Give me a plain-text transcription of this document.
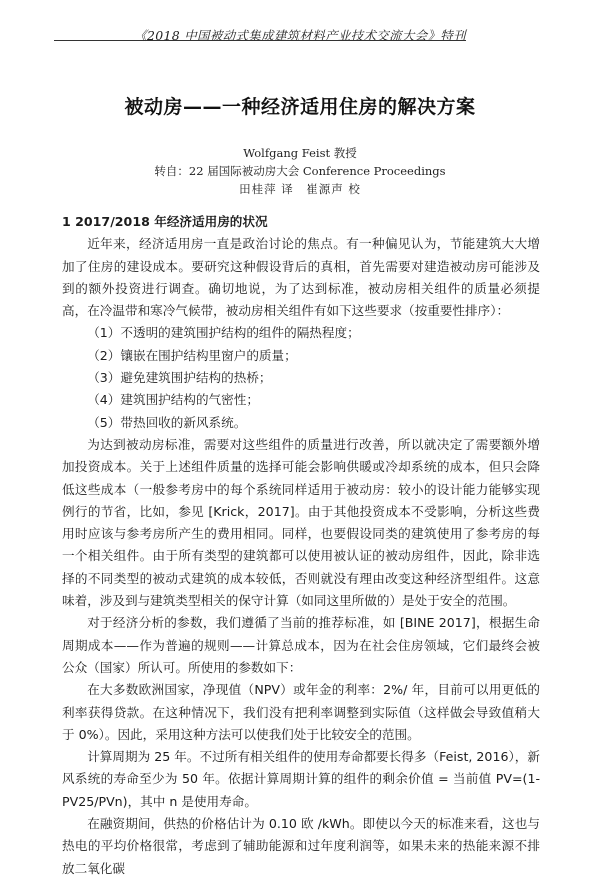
《2018 中国被动式集成建筑材料产业技术交流大会》特刊
被动房——一种经济适用住房的解决方案
Wolfgang Feist 教授
转自：22 届国际被动房大会 Conference Proceedings
田桂萍 译　崔源声 校
1 2017/2018 年经济适用房的状况

近年来，经济适用房一直是政治讨论的焦点。有一种偏见认为，节能建筑大大增加了住房的建设成本。要研究这种假设背后的真相，首先需要对建造被动房可能涉及到的额外投资进行调查。确切地说，为了达到标准，被动房相关组件的质量必须提高，在冷温带和寒冷气候带，被动房相关组件有如下这些要求（按重要性排序）：

（1）不透明的建筑围护结构的组件的隔热程度；

（2）镶嵌在围护结构里窗户的质量；

（3）避免建筑围护结构的热桥；

（4）建筑围护结构的气密性；

（5）带热回收的新风系统。

为达到被动房标准，需要对这些组件的质量进行改善，所以就决定了需要额外增加投资成本。关于上述组件质量的选择可能会影响供暖或冷却系统的成本，但只会降低这些成本（一般参考房中的每个系统同样适用于被动房：较小的设计能力能够实现例行的节省，比如，参见 [Krick，2017]。由于其他投资成本不受影响，分析这些费用时应该与参考房所产生的费用相同。同样，也要假设同类的建筑使用了参考房的每一个相关组件。由于所有类型的建筑都可以使用被认证的被动房组件，因此，除非选择的不同类型的被动式建筑的成本较低，否则就没有理由改变这种经济型组件。这意味着，涉及到与建筑类型相关的保守计算（如同这里所做的）是处于安全的范围。

对于经济分析的参数，我们遵循了当前的推荐标准，如 [BINE 2017]，根据生命周期成本——作为普遍的规则——计算总成本，因为在社会住房领域，它们最终会被公众（国家）所认可。所使用的参数如下：

在大多数欧洲国家，净现值（NPV）或年金的利率：2%/ 年，目前可以用更低的利率获得贷款。在这种情况下，我们没有把利率调整到实际值（这样做会导致值稍大于 0%）。因此，采用这种方法可以使我们处于比较安全的范围。

计算周期为 25 年。不过所有相关组件的使用寿命都要长得多（Feist, 2016），新风系统的寿命至少为 50 年。依据计算周期计算的组件的剩余价值 = 当前值 PV=(1-PV25/PVn)，其中 n 是使用寿命。

在融资期间，供热的价格估计为 0.10 欧 /kWh。即使以今天的标准来看，这也与热电的平均价格很常，考虑到了辅助能源和过年度利润等，如果未来的热能来源不排放二氧化碳
